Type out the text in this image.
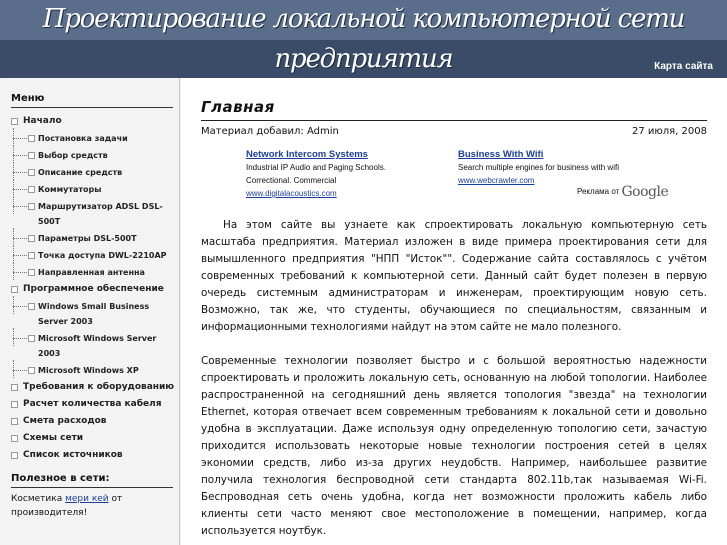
Проектирование локальной компьютерной сети
предприятия	Карта сайта
Меню
Начало
Постановка задачи
Выбор средств
Описание средств
Коммутаторы
Маршрутизатор ADSL DSL-500T
Параметры DSL-500T
Точка доступа DWL-2210AP
Направленная антенна
Программное обеспечение
Windows Small Business Server 2003
Microsoft Windows Server 2003
Microsoft Windows XP
Требования к оборудованию
Расчет количества кабеля
Смета расходов
Схемы сети
Список источников
Полезное в сети:
Косметика мери кей от производителя!
Главная
Материал добавил: Admin	27 июля, 2008
Network Intercom Systems
Industrial IP Audio and Paging Schools.
Correctional. Commercial
www.digitalacoustics.com
Business With Wifi
Search multiple engines for business with wifi
www.webcrawler.com
Реклама от Google
На этом сайте вы узнаете как спроектировать локальную компьютерную сеть масштаба предприятия. Материал изложен в виде примера проектирования сети для вымышленного предприятия "НПП "Исток"". Содержание сайта составлялось с учётом современных требований к компьютерной сети. Данный сайт будет полезен в первую очередь системным администраторам и инженерам, проектирующим новую сеть. Возможно, так же, что студенты, обучающиеся по специальностям, связанным и информационными технологиями найдут на этом сайте не мало полезного.
Современные технологии позволяет быстро и с большой вероятностью надежности спроектировать и проложить локальную сеть, основанную на любой топологии. Наиболее распространенной на сегодняшний день является топология "звезда" на технологии Ethernet, которая отвечает всем современным требованиям к локальной сети и довольно удобна в эксплуатации. Даже используя одну определенную топологию сети, зачастую приходится использовать некоторые новые технологии построения сетей в целях экономии средств, либо из-за других неудобств. Например, наибольшее развитие получила технология беспроводной сети стандарта 802.11b,так называемая Wi-Fi. Беспроводная сеть очень удобна, когда нет возможности проложить кабель либо клиенты сети часто меняют свое местоположение в помещении, например, когда используется ноутбук.
